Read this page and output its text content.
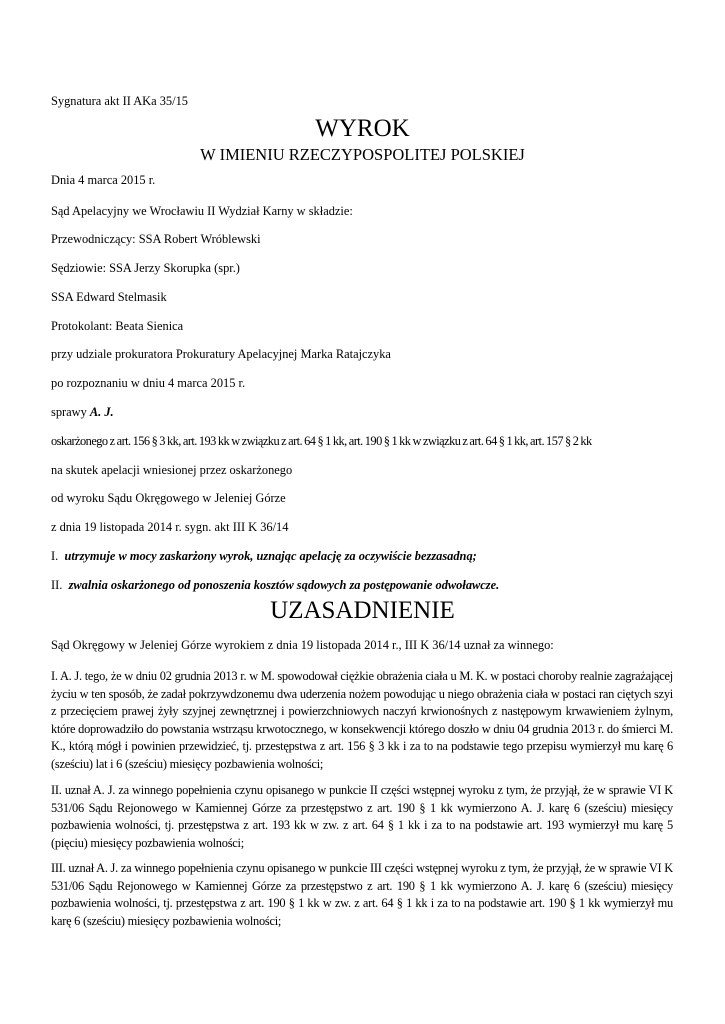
Sygnatura akt II AKa 35/15
WYROK
W IMIENIU RZECZYPOSPOLITEJ POLSKIEJ
Dnia 4 marca 2015 r.
Sąd Apelacyjny we Wrocławiu II Wydział Karny w składzie:
Przewodniczący: SSA Robert Wróblewski
Sędziowie: SSA Jerzy Skorupka (spr.)
SSA Edward Stelmasik
Protokolant: Beata Sienica
przy udziale prokuratora Prokuratury Apelacyjnej Marka Ratajczyka
po rozpoznaniu w dniu 4 marca 2015 r.
sprawy A. J.
oskarżonego z art. 156 § 3 kk, art. 193 kk w związku z art. 64 § 1 kk, art. 190 § 1 kk w związku z art. 64 § 1 kk, art. 157 § 2 kk
na skutek apelacji wniesionej przez oskarżonego
od wyroku Sądu Okręgowego w Jeleniej Górze
z dnia 19 listopada 2014 r. sygn. akt III K 36/14
I. utrzymuje w mocy zaskarżony wyrok, uznając apelację za oczywiście bezzasadną;
II. zwalnia oskarżonego od ponoszenia kosztów sądowych za postępowanie odwoławcze.
UZASADNIENIE
Sąd Okręgowy w Jeleniej Górze wyrokiem z dnia 19 listopada 2014 r., III K 36/14 uznał za winnego:

I. A. J. tego, że w dniu 02 grudnia 2013 r. w M. spowodował ciężkie obrażenia ciała u M. K. w postaci choroby realnie zagrażającej życiu w ten sposób, że zadał pokrzywdzonemu dwa uderzenia nożem powodując u niego obrażenia ciała w postaci ran ciętych szyi z przecięciem prawej żyły szyjnej zewnętrznej i powierzchniowych naczyń krwionośnych z następowym krwawieniem żylnym, które doprowadziło do powstania wstrząsu krwotocznego, w konsekwencji którego doszło w dniu 04 grudnia 2013 r. do śmierci M. K., którą mógł i powinien przewidzieć, tj. przestępstwa z art. 156 § 3 kk i za to na podstawie tego przepisu wymierzył mu karę 6 (sześciu) lat i 6 (sześciu) miesięcy pozbawienia wolności;

II. uznał A. J. za winnego popełnienia czynu opisanego w punkcie II części wstępnej wyroku z tym, że przyjął, że w sprawie VI K 531/06 Sądu Rejonowego w Kamiennej Górze za przestępstwo z art. 190 § 1 kk wymierzono A. J. karę 6 (sześciu) miesięcy pozbawienia wolności, tj. przestępstwa z art. 193 kk w zw. z art. 64 § 1 kk i za to na podstawie art. 193 wymierzył mu karę 5 (pięciu) miesięcy pozbawienia wolności;

III. uznał A. J. za winnego popełnienia czynu opisanego w punkcie III części wstępnej wyroku z tym, że przyjął, że w sprawie VI K 531/06 Sądu Rejonowego w Kamiennej Górze za przestępstwo z art. 190 § 1 kk wymierzono A. J. karę 6 (sześciu) miesięcy pozbawienia wolności, tj. przestępstwa z art. 190 § 1 kk w zw. z art. 64 § 1 kk i za to na podstawie art. 190 § 1 kk wymierzył mu karę 6 (sześciu) miesięcy pozbawienia wolności;
